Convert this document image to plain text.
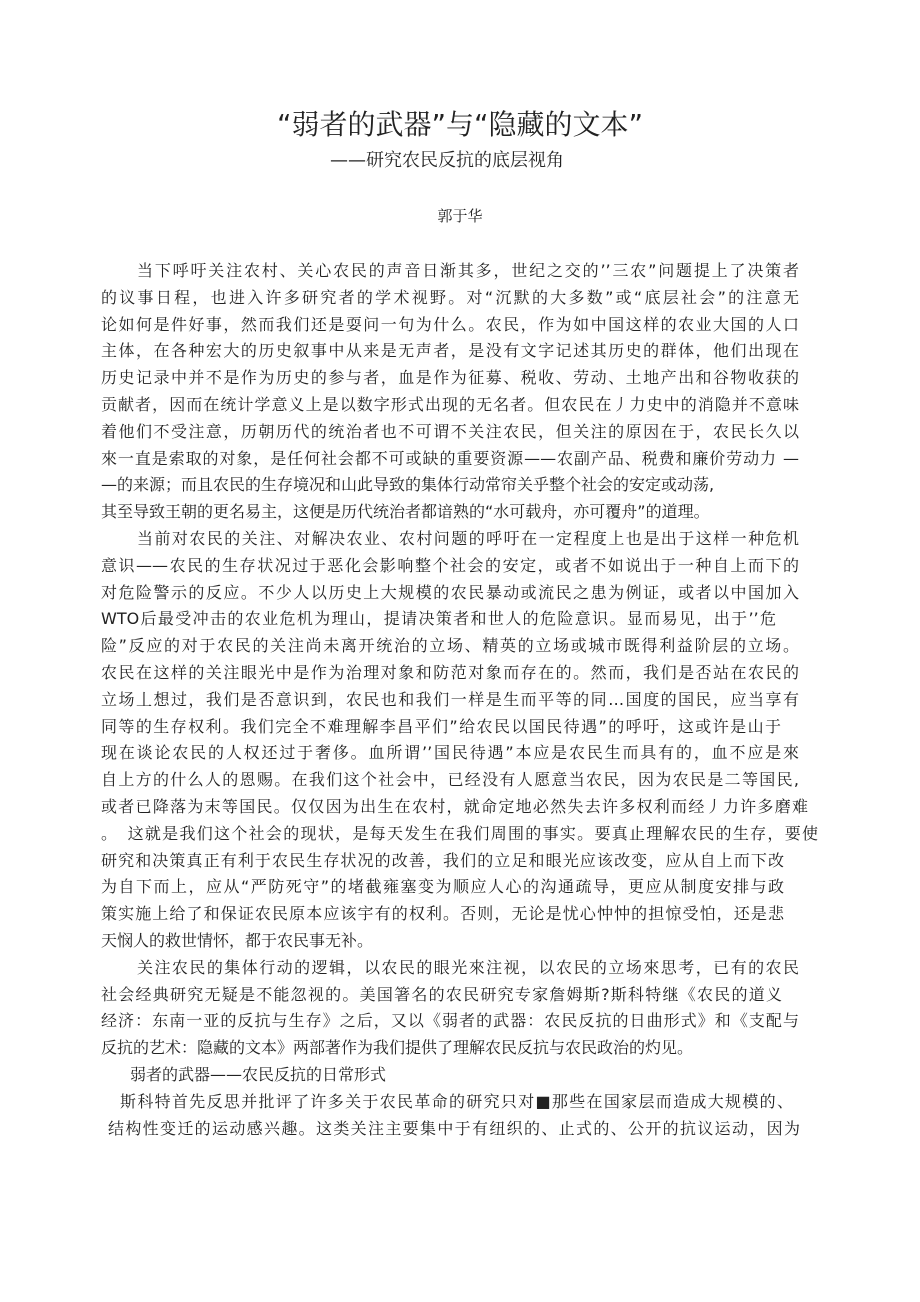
“弱者的武器”与“隐藏的文本”
——研究农民反抗的底层视角
郭于华
当下呼吁关注农村、关心农民的声音日渐其多，世纪之交的’’三农”问题提上了决策者
的议事日程，也进入许多研究者的学术视野。对“沉默的大多数”或“底层社会”的注意无
论如何是件好事，然而我们还是耍问一句为什么。农民，作为如中国这样的农业大国的人口
主体，在各种宏大的历史叙事中从来是无声者，是没有文字记述其历史的群体，他们出现在
历史记录中并不是作为历史的参与者，血是作为征募、税收、劳动、土地产出和谷物收获的
贡献者，因而在统计学意义上是以数字形式出现的无名者。但农民在丿力史中的消隐并不意味
着他们不受注意，历朝历代的统治者也不可谓不关注农民，但关注的原因在于，农民长久以
來一直是索取的对象，是任何社会都不可或缺的重要资源——农副产品、税费和廉价劳动力 —
—的来源；而且农民的生存境况和山此导致的集体行动常帘关乎整个社会的安定或动荡,
其至导致王朝的更名易主，这便是历代统治者都谙熟的“水可载舟，亦可覆舟”的道理。
当前对农民的关注、对解决农业、农村问题的呼吁在一定程度上也是出于这样一种危机
意识——农民的生存状况过于恶化会影响整个社会的安定，或者不如说出于一种自上而下的
对危险警示的反应。不少人以历史上大规模的农民暴动或流民之患为例证，或者以中国加入
WTO后最受冲击的农业危机为理山，提请决策者和世人的危险意识。显而易见，出于’’危
险”反应的对于农民的关注尚未离开统治的立场、精英的立场或城市既得利益阶层的立场。
农民在这样的关注眼光中是作为治理对象和防范对象而存在的。然而，我们是否站在农民的
立场丄想过，我们是否意识到，农民也和我们一样是生而平等的同…国度的国民，应当享有
同等的生存权利。我们完全不难理解李昌平们”给农民以国民待遇”的呼吁，这或许是山于
现在谈论农民的人权还过于奢侈。血所谓’’国民待遇”本应是农民生而具有的，血不应是來
自上方的什么人的恩赐。在我们这个社会中，已经没有人愿意当农民，因为农民是二等国民,
或者已降落为末等国民。仅仅因为出生在农村，就命定地必然失去许多权利而经丿力许多磨难
。　这就是我们这个社会的现状，是每天发生在我们周围的事实。要真止理解农民的生存，要使
研究和决策真正有利于农民生存状况的改善，我们的立足和眼光应该改变，应从自上而下改
为自下而上，应从“严防死守”的堵截雍塞变为顺应人心的沟通疏导，更应从制度安排与政
策实施上给了和保证农民原本应该宇有的权利。否则，无论是忧心忡忡的担惊受怕，还是悲
天悯人的救世情怀，都于农民事无补。
关注农民的集体行动的逻辑，以农民的眼光來注视，以农民的立场來思考，已有的农民
社会经典研究无疑是不能忽视的。美国箸名的农民研究专家詹姆斯?斯科特继《农民的道义
经济：东南一亚的反抗与生存》之后，又以《弱者的武器：农民反抗的日曲形式》和《支配与
反抗的艺术：隐藏的文本》两部著作为我们提供了理解农民反抗与农民政治的灼见。
弱者的武器——农民反抗的日常形式
斯科特首先反思并批评了许多关于农民革命的研究只对■那些在国家层而造成大规模的、
结构性变迁的运动感兴趣。这类关注主要集中于有纽织的、止式的、公开的抗议运动，因为
